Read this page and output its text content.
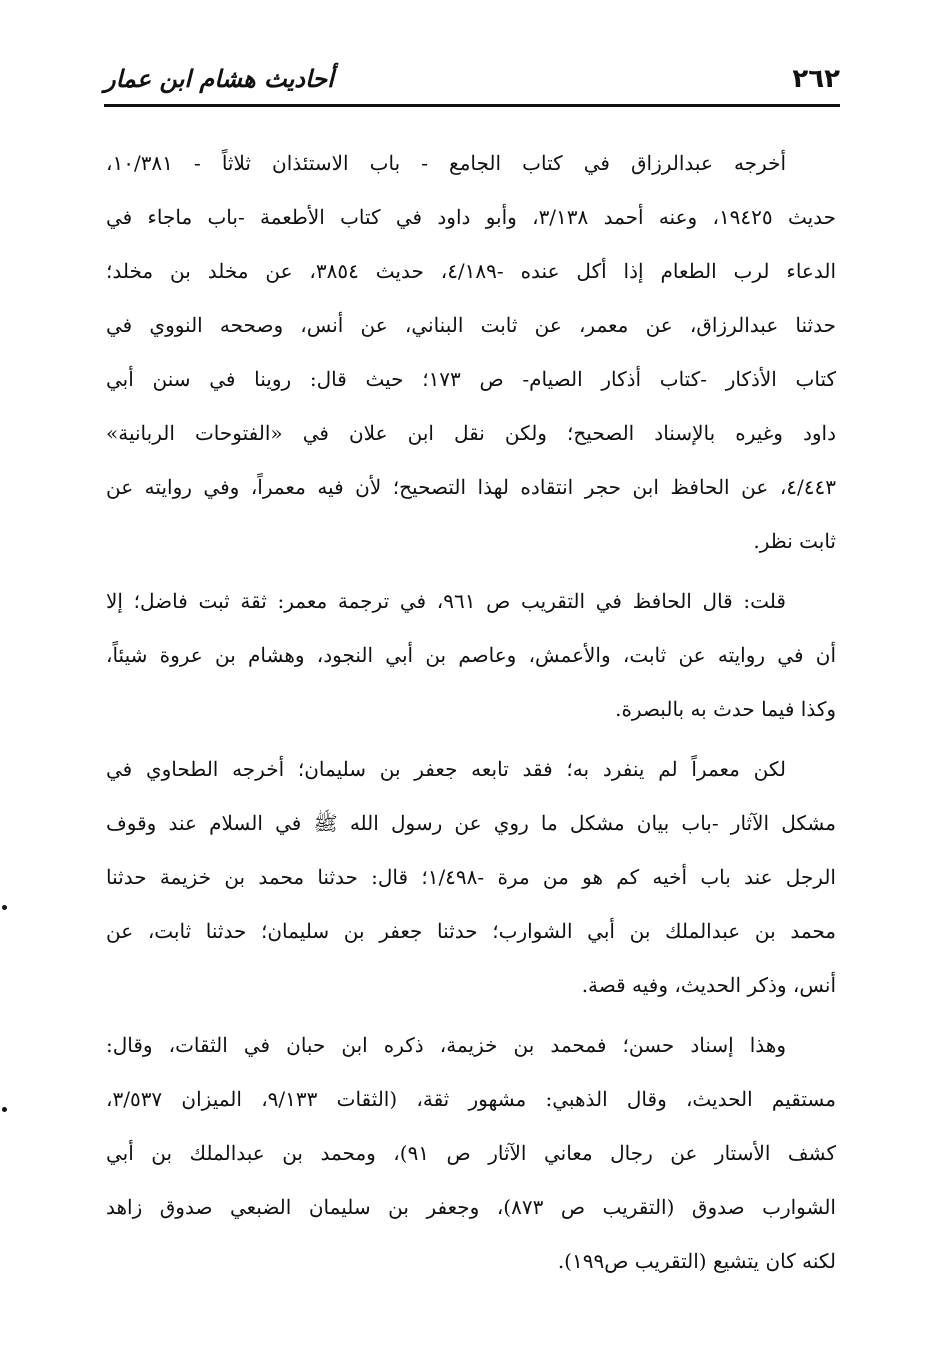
٢٦٢
أحاديث هشام ابن عمار
أخرجه عبدالرزاق في كتاب الجامع - باب الاستئذان ثلاثاً - ١٠/٣٨١،
حديث ١٩٤٢٥، وعنه أحمد ٣/١٣٨، وأبو داود في كتاب الأطعمة -باب ماجاء في
الدعاء لرب الطعام إذا أكل عنده -٤/١٨٩، حديث ٣٨٥٤، عن مخلد بن مخلد؛
حدثنا عبدالرزاق، عن معمر، عن ثابت البناني، عن أنس، وصححه النووي في
كتاب الأذكار -كتاب أذكار الصيام- ص ١٧٣؛ حيث قال: روينا في سنن أبي
داود وغيره بالإسناد الصحيح؛ ولكن نقل ابن علان في «الفتوحات الربانية»
٤/٤٤٣، عن الحافظ ابن حجر انتقاده لهذا التصحيح؛ لأن فيه معمراً، وفي روايته عن
ثابت نظر.
قلت: قال الحافظ في التقريب ص ٩٦١، في ترجمة معمر: ثقة ثبت فاضل؛ إلا
أن في روايته عن ثابت، والأعمش، وعاصم بن أبي النجود، وهشام بن عروة شيئاً،
وكذا فيما حدث به بالبصرة.
لكن معمراً لم ينفرد به؛ فقد تابعه جعفر بن سليمان؛ أخرجه الطحاوي في
مشكل الآثار -باب بيان مشكل ما روي عن رسول الله ﷺ في السلام عند وقوف
الرجل عند باب أخيه كم هو من مرة -١/٤٩٨؛ قال: حدثنا محمد بن خزيمة حدثنا
محمد بن عبدالملك بن أبي الشوارب؛ حدثنا جعفر بن سليمان؛ حدثنا ثابت، عن
أنس، وذكر الحديث، وفيه قصة.
وهذا إسناد حسن؛ فمحمد بن خزيمة، ذكره ابن حبان في الثقات، وقال:
مستقيم الحديث، وقال الذهبي: مشهور ثقة، (الثقات ٩/١٣٣، الميزان ٣/٥٣٧،
كشف الأستار عن رجال معاني الآثار ص ٩١)، ومحمد بن عبدالملك بن أبي
الشوارب صدوق (التقريب ص ٨٧٣)، وجعفر بن سليمان الضبعي صدوق زاهد
لكنه كان يتشيع (التقريب ص١٩٩).
